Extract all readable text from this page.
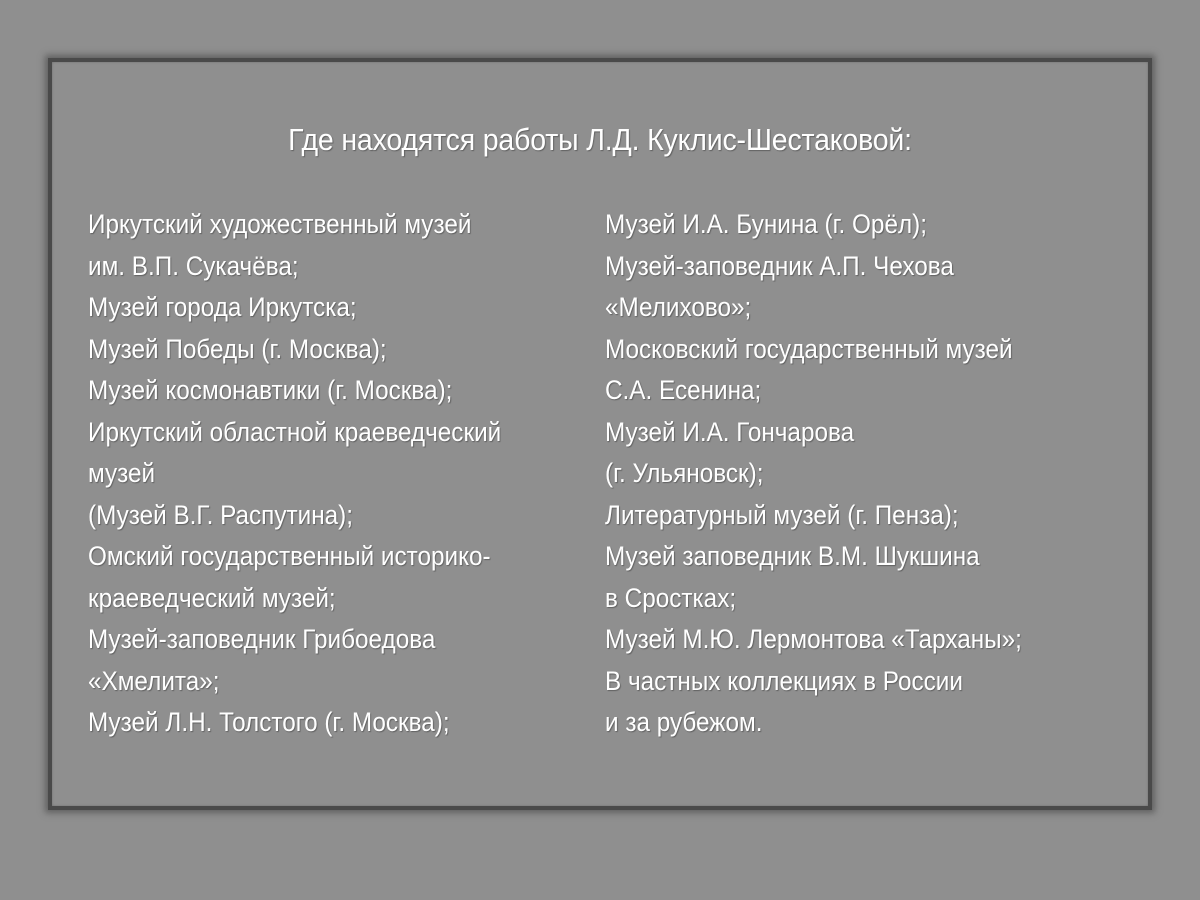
Где находятся работы Л.Д. Куклис-Шестаковой:
Иркутский художественный музей
им. В.П. Сукачёва;
Музей города Иркутска;
Музей Победы (г. Москва);
Музей космонавтики (г. Москва);
Иркутский областной краеведческий
музей
(Музей В.Г. Распутина);
Омский государственный историко-
краеведческий музей;
Музей-заповедник Грибоедова
«Хмелита»;
Музей Л.Н. Толстого (г. Москва);
Музей И.А. Бунина (г. Орёл);
Музей-заповедник А.П. Чехова
«Мелихово»;
Московский государственный музей
С.А. Есенина;
Музей И.А. Гончарова
(г. Ульяновск);
Литературный музей (г. Пенза);
Музей заповедник В.М. Шукшина
в Сростках;
Музей М.Ю. Лермонтова «Тарханы»;
В частных коллекциях в России
и за рубежом.
